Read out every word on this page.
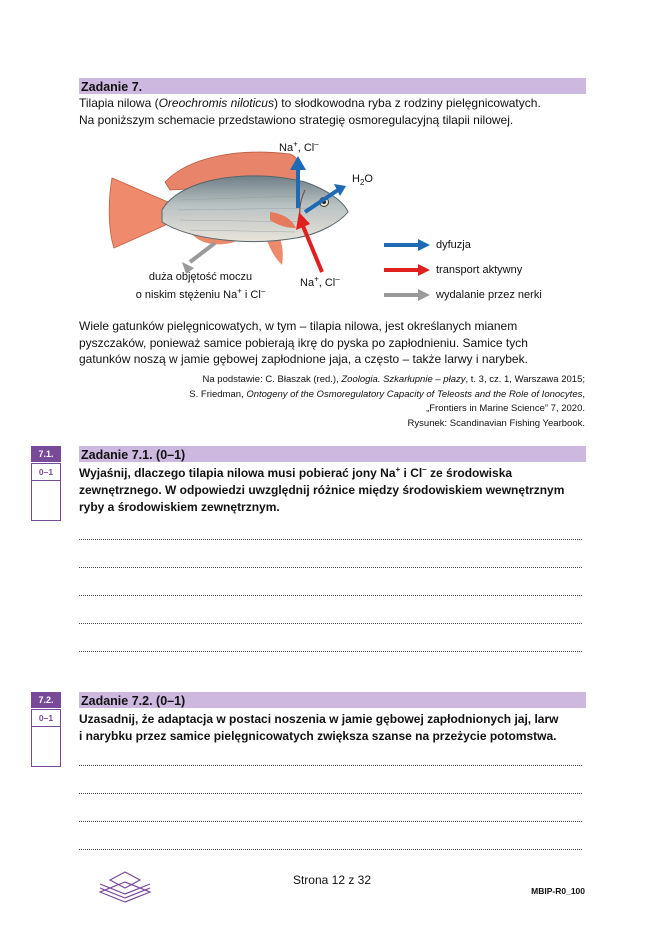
Zadanie 7.
Tilapia nilowa (Oreochromis niloticus) to słodkowodna ryba z rodziny pielęgnicowatych.
Na poniższym schemacie przedstawiono strategię osmoregulacyjną tilapii nilowej.
Na+, Cl–
$H_2O$
Na+, Cl–
duża objętość moczu
o niskim stężeniu Na+ i Cl–
dyfuzja
transport aktywny
wydalanie przez nerki
Wiele gatunków pielęgnicowatych, w tym – tilapia nilowa, jest określanych mianem
pyszczaków, ponieważ samice pobierają ikrę do pyska po zapłodnieniu. Samice tych
gatunków noszą w jamie gębowej zapłodnione jaja, a często – także larwy i narybek.
Na podstawie: C. Błaszak (red.), Zoologia. Szkarłupnie – płazy, t. 3, cz. 1, Warszawa 2015;
S. Friedman, Ontogeny of the Osmoregulatory Capacity of Teleosts and the Role of Ionocytes,
„Frontiers in Marine Science” 7, 2020.
Rysunek: Scandinavian Fishing Yearbook.
7.1.
0–1
Zadanie 7.1. (0–1)
Wyjaśnij, dlaczego tilapia nilowa musi pobierać jony Na+ i Cl– ze środowiska
zewnętrznego. W odpowiedzi uwzględnij różnice między środowiskiem wewnętrznym
ryby a środowiskiem zewnętrznym.
7.2.
0–1
Zadanie 7.2. (0–1)
Uzasadnij, że adaptacja w postaci noszenia w jamie gębowej zapłodnionych jaj, larw
i narybku przez samice pielęgnicowatych zwiększa szanse na przeżycie potomstwa.
Strona 12 z 32
MBIP-R0_100
